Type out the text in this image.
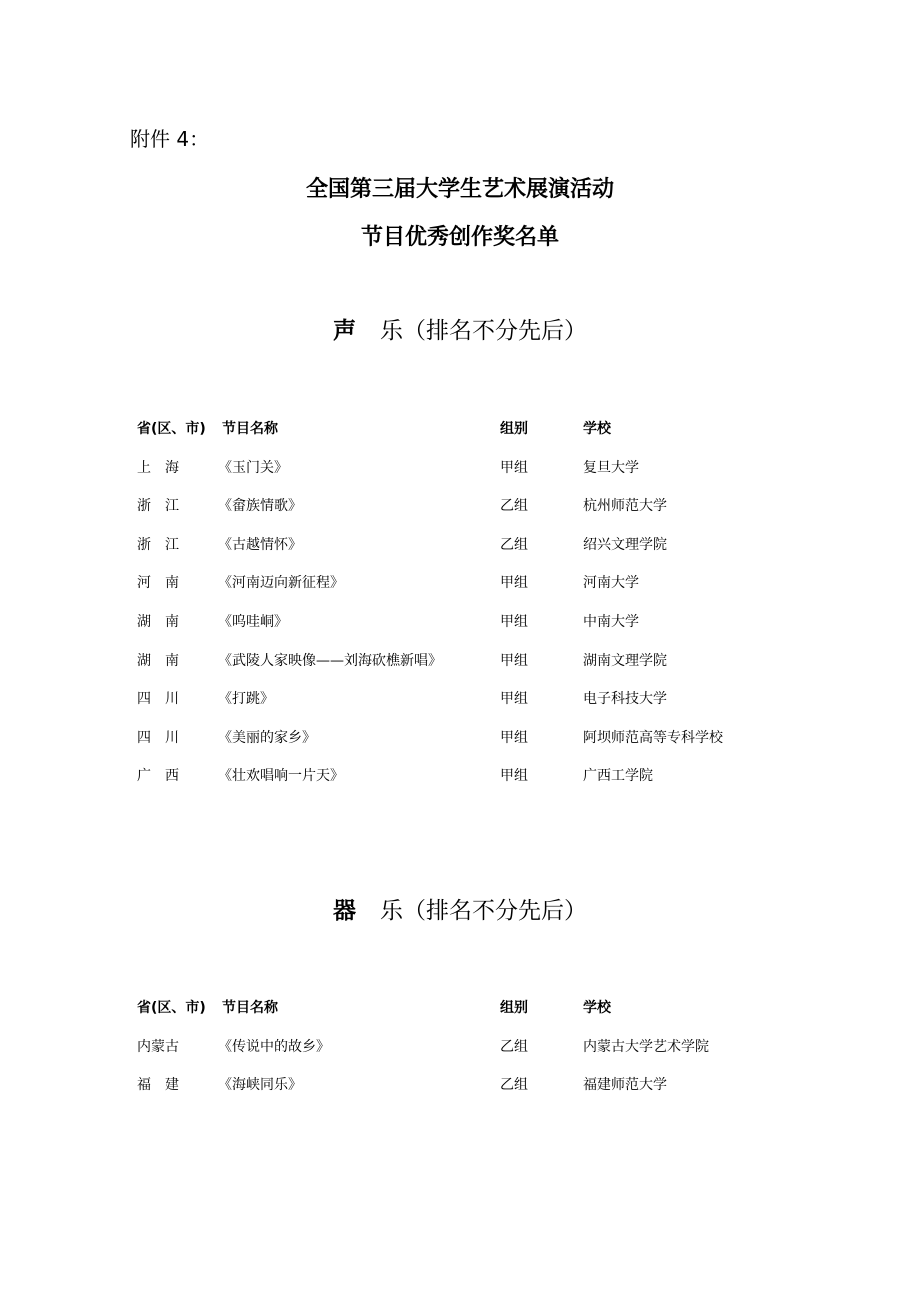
附件 4：
全国第三届大学生艺术展演活动
节目优秀创作奖名单
声 乐（排名不分先后）
省(区、市) 节目名称	组别	学校
上　海	《玉门关》	甲组	复旦大学
浙　江	《畲族情歌》	乙组	杭州师范大学
浙　江	《古越情怀》	乙组	绍兴文理学院
河　南	《河南迈向新征程》	甲组	河南大学
湖　南	《呜哇峒》	甲组	中南大学
湖　南	《武陵人家映像——刘海砍樵新唱》	甲组	湖南文理学院
四　川	《打跳》	甲组	电子科技大学
四　川	《美丽的家乡》	甲组	阿坝师范高等专科学校
广　西	《壮欢唱响一片天》	甲组	广西工学院
器 乐（排名不分先后）
省(区、市) 节目名称	组别	学校
内蒙古	《传说中的故乡》	乙组	内蒙古大学艺术学院
福　建	《海峡同乐》	乙组	福建师范大学
